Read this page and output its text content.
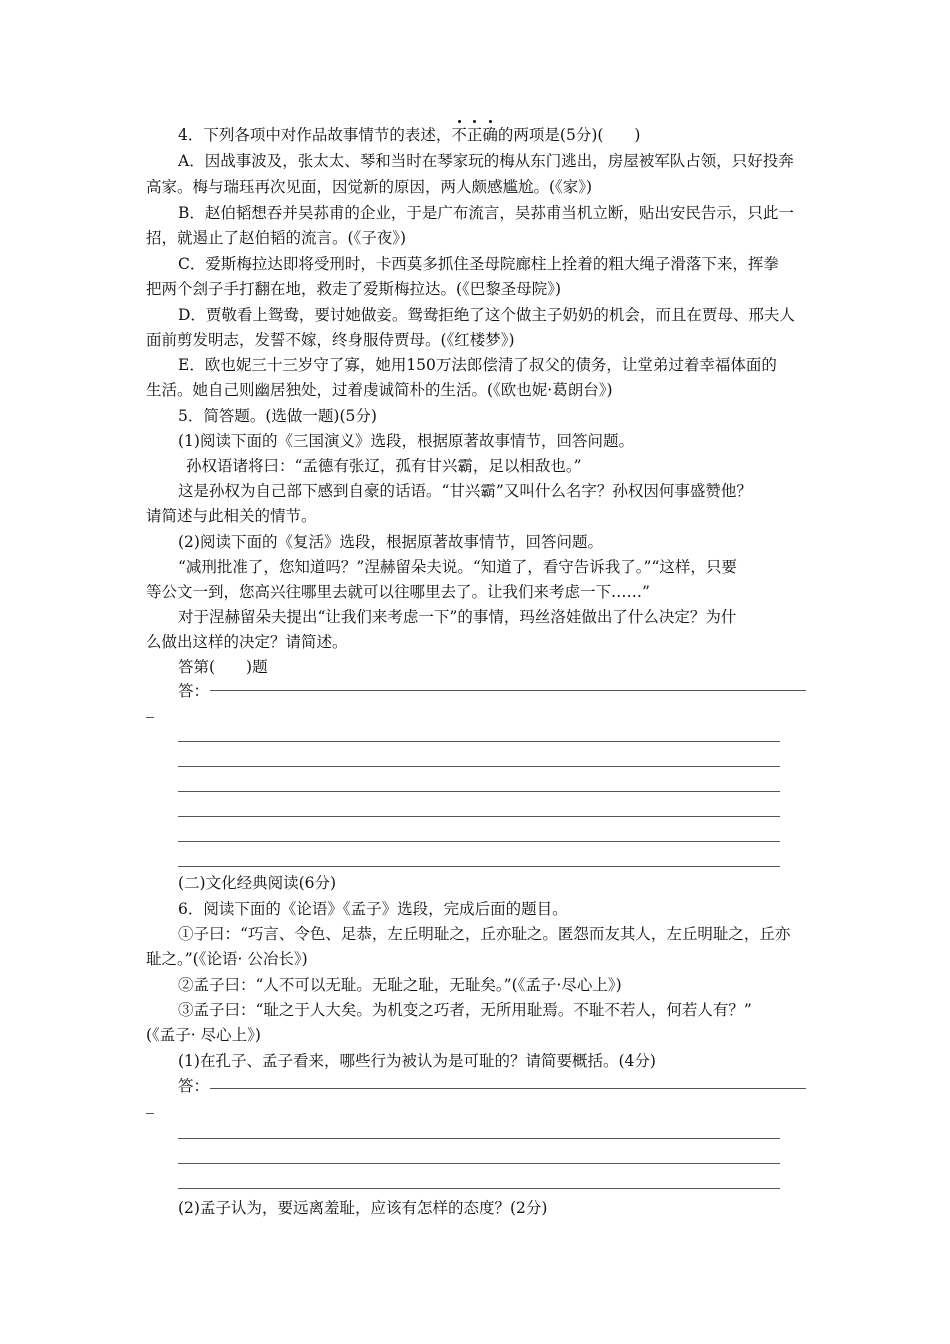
4．下列各项中对作品故事情节的表述，不正确的两项是(5分)(　　)
A．因战事波及，张太太、琴和当时在琴家玩的梅从东门逃出，房屋被军队占领，只好投奔
高家。梅与瑞珏再次见面，因觉新的原因，两人颇感尴尬。(《家》)
B．赵伯韬想吞并吴荪甫的企业，于是广布流言，吴荪甫当机立断，贴出安民告示，只此一
招，就遏止了赵伯韬的流言。(《子夜》)
C．爱斯梅拉达即将受刑时，卡西莫多抓住圣母院廊柱上拴着的粗大绳子滑落下来，挥拳
把两个刽子手打翻在地，救走了爱斯梅拉达。(《巴黎圣母院》)
D．贾敬看上鸳鸯，要讨她做妾。鸳鸯拒绝了这个做主子奶奶的机会，而且在贾母、邢夫人
面前剪发明志，发誓不嫁，终身服侍贾母。(《红楼梦》)
E．欧也妮三十三岁守了寡，她用150万法郎偿清了叔父的债务，让堂弟过着幸福体面的
生活。她自己则幽居独处，过着虔诚简朴的生活。(《欧也妮·葛朗台》)
5．简答题。(选做一题)(5分)
(1)阅读下面的《三国演义》选段，根据原著故事情节，回答问题。
孙权语诸将曰：“孟德有张辽，孤有甘兴霸，足以相敌也。”
这是孙权为自己部下感到自豪的话语。“甘兴霸”又叫什么名字？孙权因何事盛赞他？
请简述与此相关的情节。
(2)阅读下面的《复活》选段，根据原著故事情节，回答问题。
“减刑批准了，您知道吗？”涅赫留朵夫说。“知道了，看守告诉我了。”“这样，只要
等公文一到，您高兴往哪里去就可以往哪里去了。让我们来考虑一下……”
对于涅赫留朵夫提出“让我们来考虑一下”的事情，玛丝洛娃做出了什么决定？为什
么做出这样的决定？请简述。
答第(　　)题
答：
(二)文化经典阅读(6分)
6．阅读下面的《论语》《孟子》选段，完成后面的题目。
①子曰：“巧言、令色、足恭，左丘明耻之，丘亦耻之。匿怨而友其人，左丘明耻之，丘亦
耻之。”(《论语· 公冶长》)
②孟子曰：“人不可以无耻。无耻之耻，无耻矣。”(《孟子·尽心上》)
③孟子曰：“耻之于人大矣。为机变之巧者，无所用耻焉。不耻不若人，何若人有？”
(《孟子· 尽心上》)
(1)在孔子、孟子看来，哪些行为被认为是可耻的？请简要概括。(4分)
答：
(2)孟子认为，要远离羞耻，应该有怎样的态度？(2分)
